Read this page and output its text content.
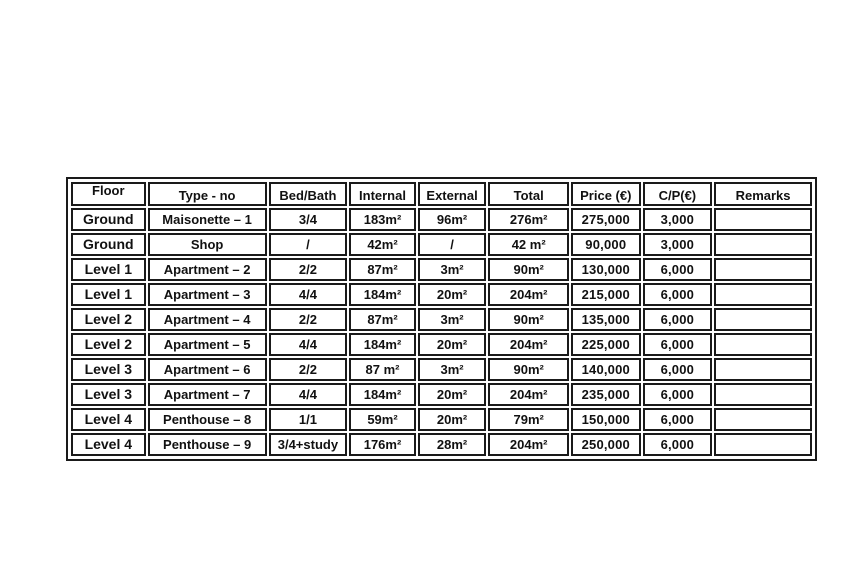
Floor	Type - no	Bed/Bath	Internal	External	Total	Price (€)	C/P(€)	Remarks
Ground	Maisonette – 1	3/4	183m²	96m²	276m²	275,000	3,000	
Ground	Shop	/	42m²	/	42 m²	90,000	3,000	
Level 1	Apartment – 2	2/2	87m²	3m²	90m²	130,000	6,000	
Level 1	Apartment – 3	4/4	184m²	20m²	204m²	215,000	6,000	
Level 2	Apartment – 4	2/2	87m²	3m²	90m²	135,000	6,000	
Level 2	Apartment – 5	4/4	184m²	20m²	204m²	225,000	6,000	
Level 3	Apartment – 6	2/2	87 m²	3m²	90m²	140,000	6,000	
Level 3	Apartment – 7	4/4	184m²	20m²	204m²	235,000	6,000	
Level 4	Penthouse – 8	1/1	59m²	20m²	79m²	150,000	6,000	
Level 4	Penthouse – 9	3/4+study	176m²	28m²	204m²	250,000	6,000	
